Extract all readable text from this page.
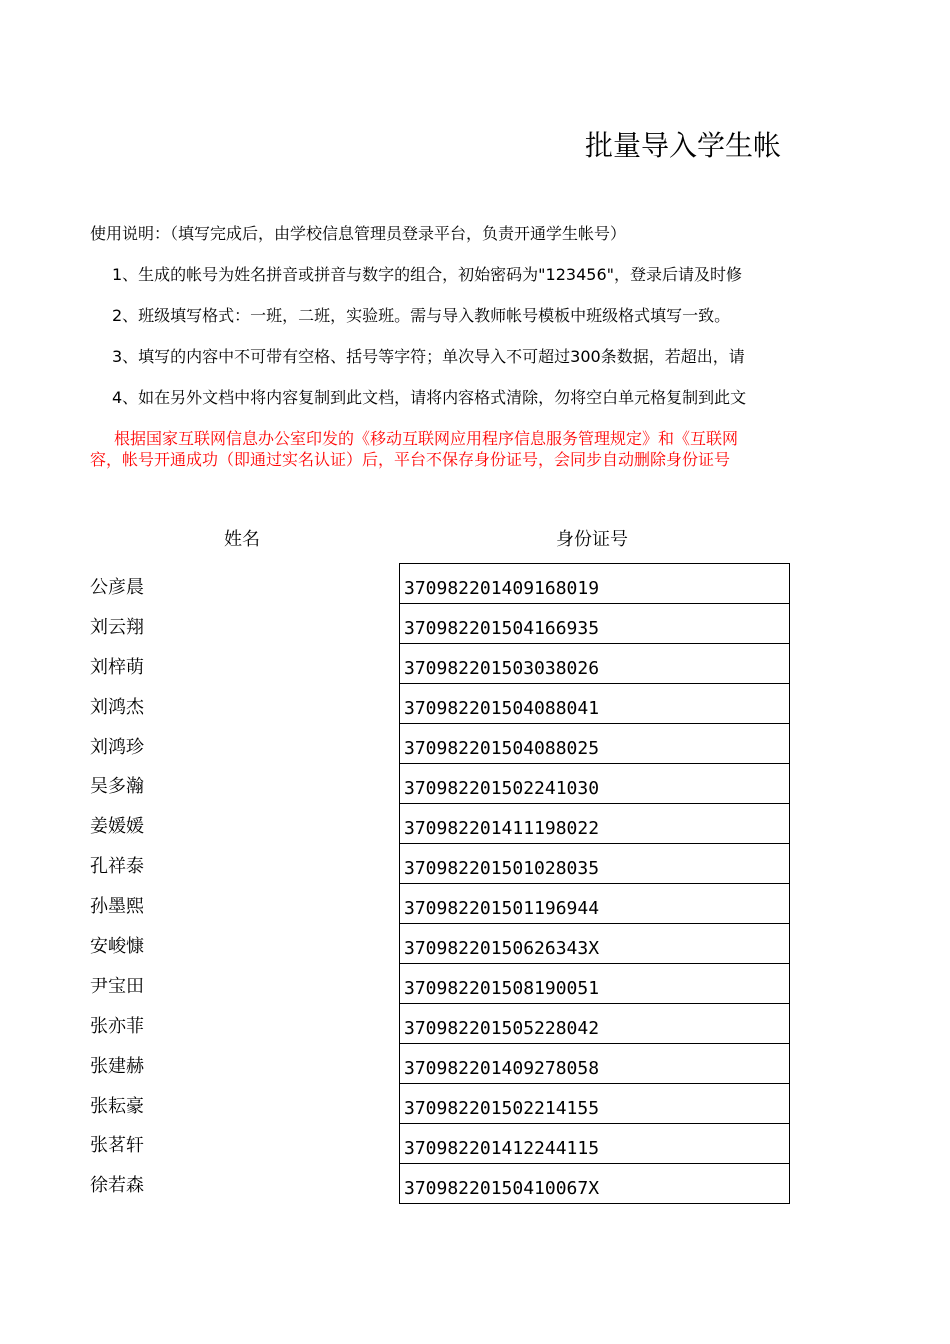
批量导入学生帐
使用说明：（填写完成后，由学校信息管理员登录平台，负责开通学生帐号）
1、生成的帐号为姓名拼音或拼音与数字的组合，初始密码为"123456"，登录后请及时修
2、班级填写格式：一班，二班，实验班。需与导入教师帐号模板中班级格式填写一致。
3、填写的内容中不可带有空格、括号等字符；单次导入不可超过300条数据，若超出，请
4、如在另外文档中将内容复制到此文档，请将内容格式清除，勿将空白单元格复制到此文
根据国家互联网信息办公室印发的《移动互联网应用程序信息服务管理规定》和《互联网
容，帐号开通成功（即通过实名认证）后，平台不保存身份证号，会同步自动删除身份证号
姓名	身份证号
公彦晨
刘云翔
刘梓萌
刘鸿杰
刘鸿珍
吴多瀚
姜媛媛
孔祥泰
孙墨熙
安峻慷
尹宝田
张亦菲
张建赫
张耘豪
张茗轩
徐若森
370982201409168019
370982201504166935
370982201503038026
370982201504088041
370982201504088025
370982201502241030
370982201411198022
370982201501028035
370982201501196944
37098220150626343X
370982201508190051
370982201505228042
370982201409278058
370982201502214155
370982201412244115
37098220150410067X
